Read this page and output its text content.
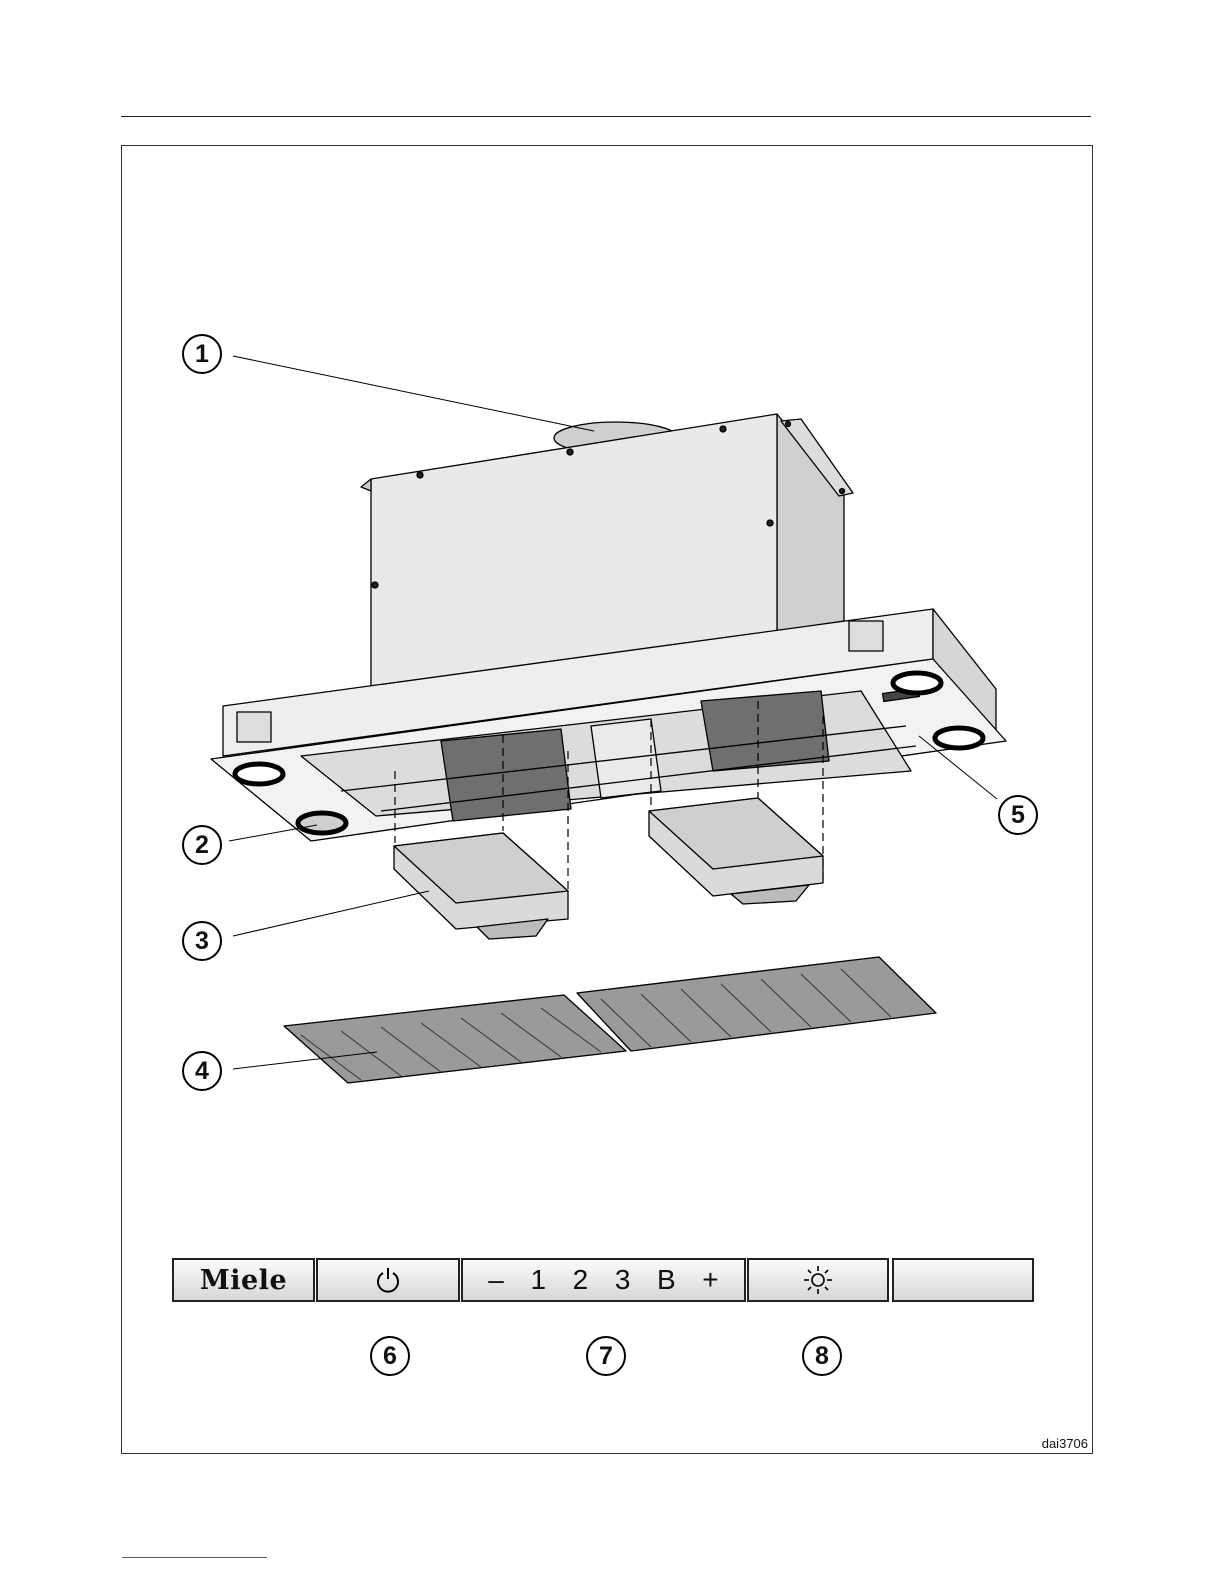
1
2
3
4
5
6	7	8
dai3706
Miele	– 1 2 3 B +
